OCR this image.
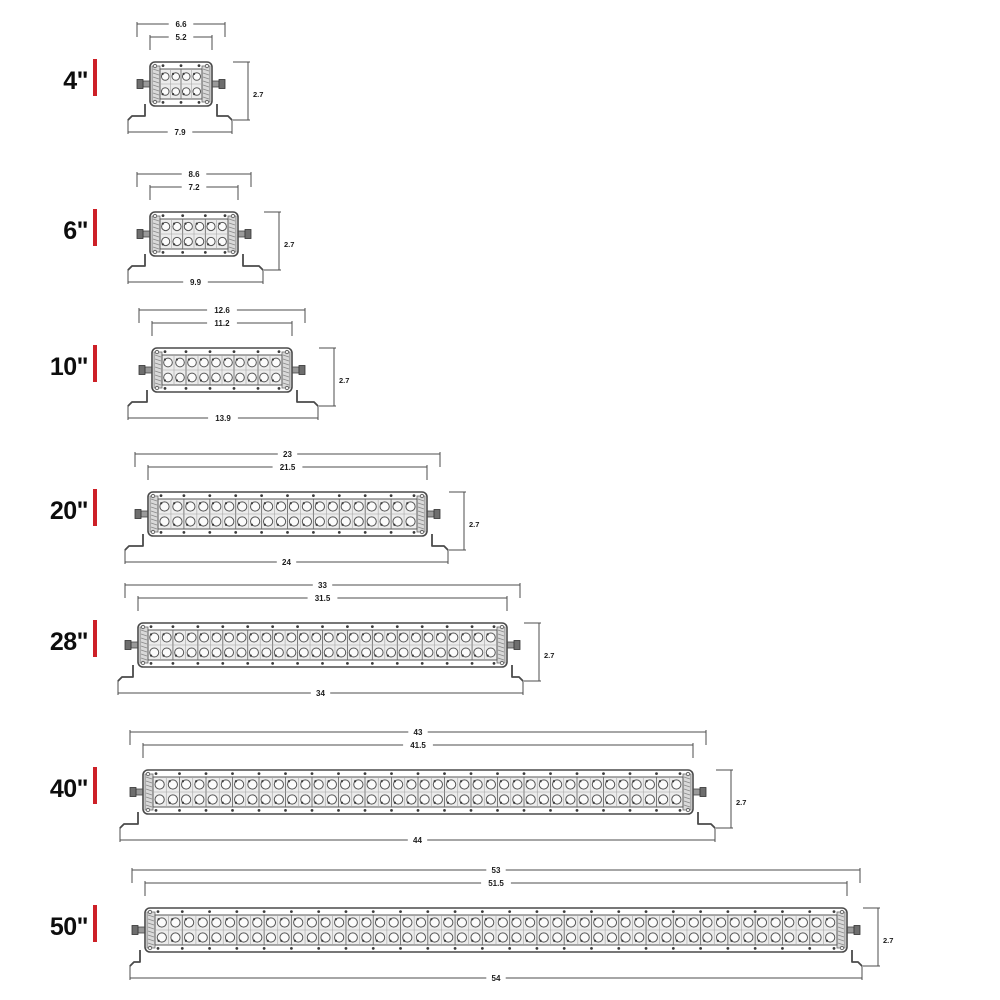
4"
6.6
5.2
7.9
2.7
6"
8.6
7.2
9.9
2.7
10"
12.6
11.2
13.9
2.7
20"
23
21.5
24
2.7
28"
33
31.5
34
2.7
40"
43
41.5
44
2.7
50"
53
51.5
54
2.7
